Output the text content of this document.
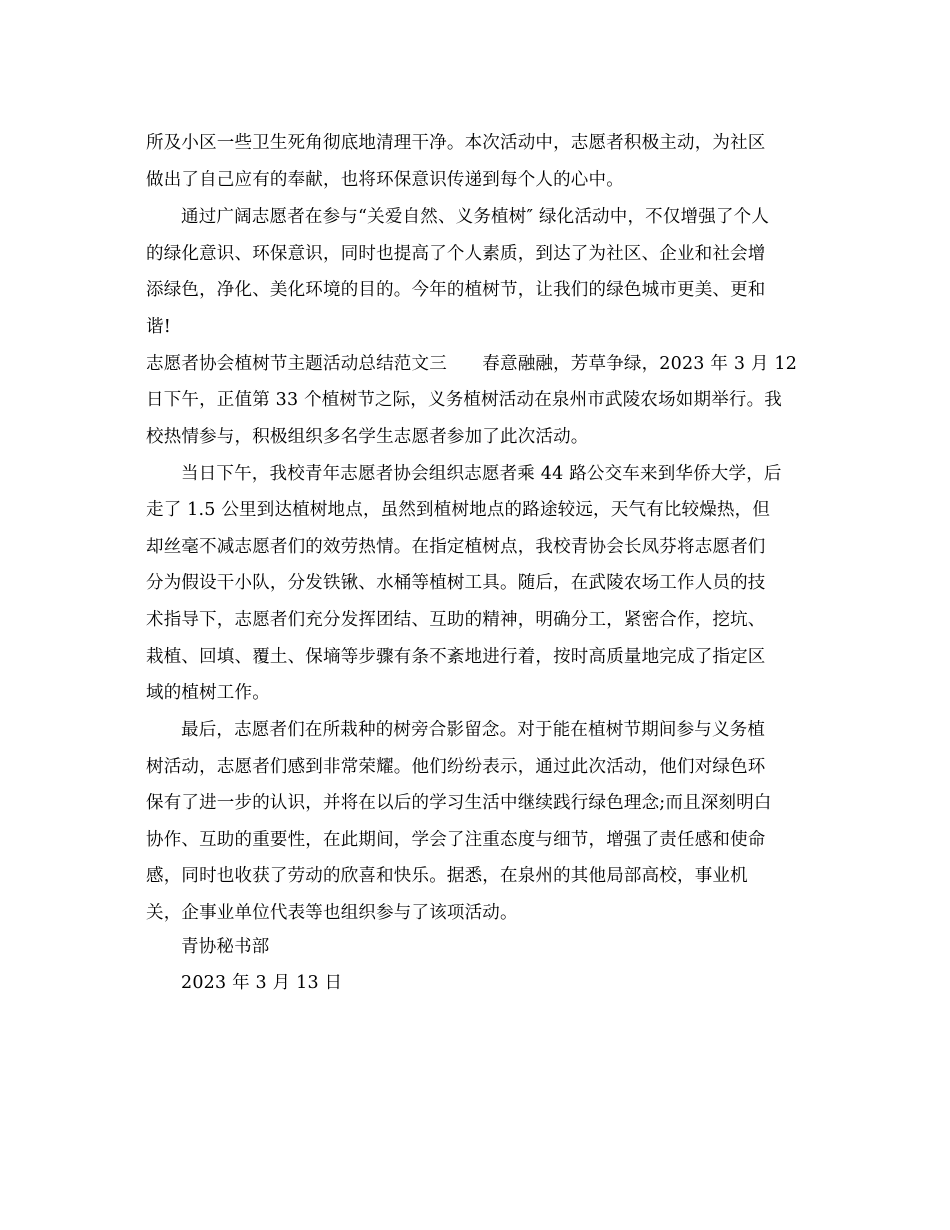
所及小区一些卫生死角彻底地清理干净。本次活动中，志愿者积极主动，为社区
做出了自己应有的奉献，也将环保意识传递到每个人的心中。
通过广阔志愿者在参与“关爱自然、义务植树″ 绿化活动中，不仅增强了个人
的绿化意识、环保意识，同时也提高了个人素质，到达了为社区、企业和社会增
添绿色，净化、美化环境的目的。今年的植树节，让我们的绿色城市更美、更和
谐!
志愿者协会植树节主题活动总结范文三　　春意融融，芳草争绿，2023 年 3 月 12
日下午，正值第 33 个植树节之际，义务植树活动在泉州市武陵农场如期举行。我
校热情参与，积极组织多名学生志愿者参加了此次活动。
当日下午，我校青年志愿者协会组织志愿者乘 44 路公交车来到华侨大学，后
走了 1.5 公里到达植树地点，虽然到植树地点的路途较远，天气有比较燥热，但
却丝毫不减志愿者们的效劳热情。在指定植树点，我校青协会长凤芬将志愿者们
分为假设干小队，分发铁锹、水桶等植树工具。随后，在武陵农场工作人员的技
术指导下，志愿者们充分发挥团结、互助的精神，明确分工，紧密合作，挖坑、
栽植、回填、覆土、保墒等步骤有条不紊地进行着，按时高质量地完成了指定区
域的植树工作。
最后，志愿者们在所栽种的树旁合影留念。对于能在植树节期间参与义务植
树活动，志愿者们感到非常荣耀。他们纷纷表示，通过此次活动，他们对绿色环
保有了进一步的认识，并将在以后的学习生活中继续践行绿色理念;而且深刻明白
协作、互助的重要性，在此期间，学会了注重态度与细节，增强了责任感和使命
感，同时也收获了劳动的欣喜和快乐。据悉，在泉州的其他局部高校，事业机
关，企事业单位代表等也组织参与了该项活动。
青协秘书部
2023 年 3 月 13 日
